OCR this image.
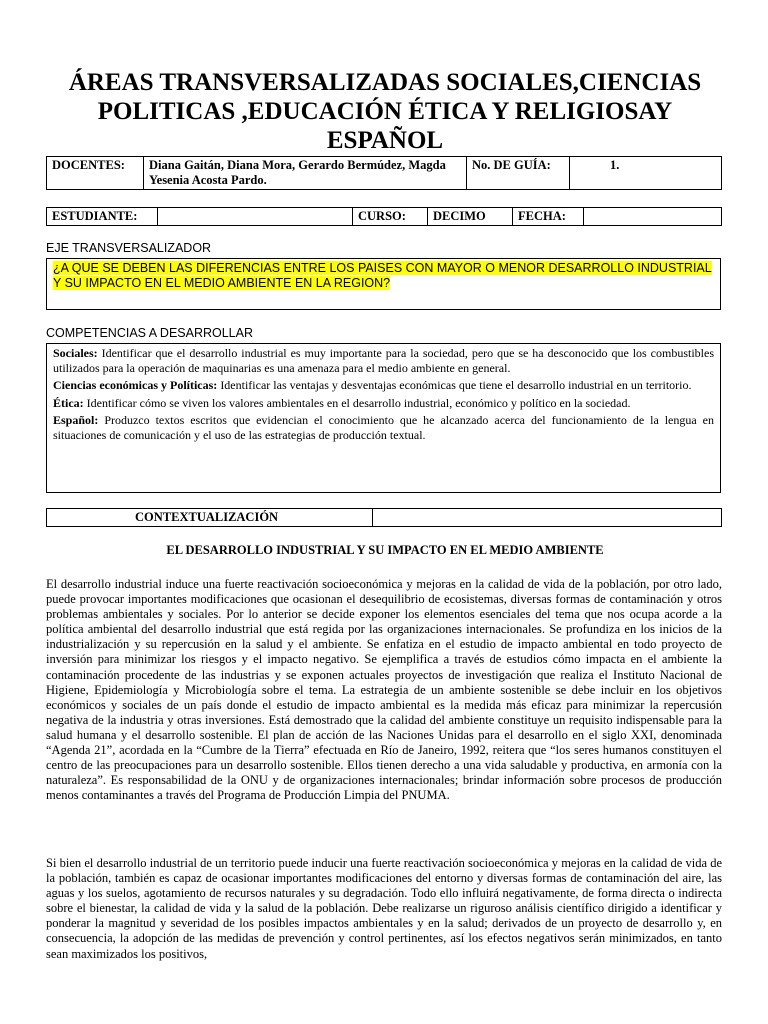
ÁREAS TRANSVERSALIZADAS SOCIALES,CIENCIAS POLITICAS ,EDUCACIÓN ÉTICA Y RELIGIOSAY ESPAÑOL
DOCENTES:	Diana Gaitán, Diana Mora, Gerardo Bermúdez, Magda Yesenia Acosta Pardo.	No. DE GUÍA:	1.
ESTUDIANTE:		CURSO:	DECIMO	FECHA:	
EJE TRANSVERSALIZADOR
¿A QUE SE DEBEN LAS DIFERENCIAS ENTRE LOS PAISES CON MAYOR O MENOR DESARROLLO INDUSTRIAL Y SU IMPACTO EN EL MEDIO AMBIENTE EN LA REGION?
COMPETENCIAS A DESARROLLAR

Sociales: Identificar que el desarrollo industrial es muy importante para la sociedad, pero que se ha desconocido que los combustibles utilizados para la operación de maquinarias es una amenaza para el medio ambiente en general.

Ciencias económicas y Políticas: Identificar las ventajas y desventajas económicas que tiene el desarrollo industrial en un territorio.

Ética: Identificar cómo se viven los valores ambientales en el desarrollo industrial, económico y político en la sociedad.

Español: Produzco textos escritos que evidencian el conocimiento que he alcanzado acerca del funcionamiento de la lengua en situaciones de comunicación y el uso de las estrategias de producción textual.

CONTEXTUALIZACIÓN	
EL DESARROLLO INDUSTRIAL Y SU IMPACTO EN EL MEDIO AMBIENTE

El desarrollo industrial induce una fuerte reactivación socioeconómica y mejoras en la calidad de vida de la población, por otro lado, puede provocar importantes modificaciones que ocasionan el desequilibrio de ecosistemas, diversas formas de contaminación y otros problemas ambientales y sociales. Por lo anterior se decide exponer los elementos esenciales del tema que nos ocupa acorde a la política ambiental del desarrollo industrial que está regida por las organizaciones internacionales. Se profundiza en los inicios de la industrialización y su repercusión en la salud y el ambiente. Se enfatiza en el estudio de impacto ambiental en todo proyecto de inversión para minimizar los riesgos y el impacto negativo. Se ejemplifica a través de estudios cómo impacta en el ambiente la contaminación procedente de las industrias y se exponen actuales proyectos de investigación que realiza el Instituto Nacional de Higiene, Epidemiología y Microbiología sobre el tema. La estrategia de un ambiente sostenible se debe incluir en los objetivos económicos y sociales de un país donde el estudio de impacto ambiental es la medida más eficaz para minimizar la repercusión negativa de la industria y otras inversiones. Está demostrado que la calidad del ambiente constituye un requisito indispensable para la salud humana y el desarrollo sostenible. El plan de acción de las Naciones Unidas para el desarrollo en el siglo XXI, denominada “Agenda 21”, acordada en la “Cumbre de la Tierra” efectuada en Río de Janeiro, 1992, reitera que “los seres humanos constituyen el centro de las preocupaciones para un desarrollo sostenible. Ellos tienen derecho a una vida saludable y productiva, en armonía con la naturaleza”. Es responsabilidad de la ONU y de organizaciones internacionales; brindar información sobre procesos de producción menos contaminantes a través del Programa de Producción Limpia del PNUMA.

Si bien el desarrollo industrial de un territorio puede inducir una fuerte reactivación socioeconómica y mejoras en la calidad de vida de la población, también es capaz de ocasionar importantes modificaciones del entorno y diversas formas de contaminación del aire, las aguas y los suelos, agotamiento de recursos naturales y su degradación. Todo ello influirá negativamente, de forma directa o indirecta sobre el bienestar, la calidad de vida y la salud de la población. Debe realizarse un riguroso análisis científico dirigido a identificar y ponderar la magnitud y severidad de los posibles impactos ambientales y en la salud; derivados de un proyecto de desarrollo y, en consecuencia, la adopción de las medidas de prevención y control pertinentes, así los efectos negativos serán minimizados, en tanto sean maximizados los positivos,
